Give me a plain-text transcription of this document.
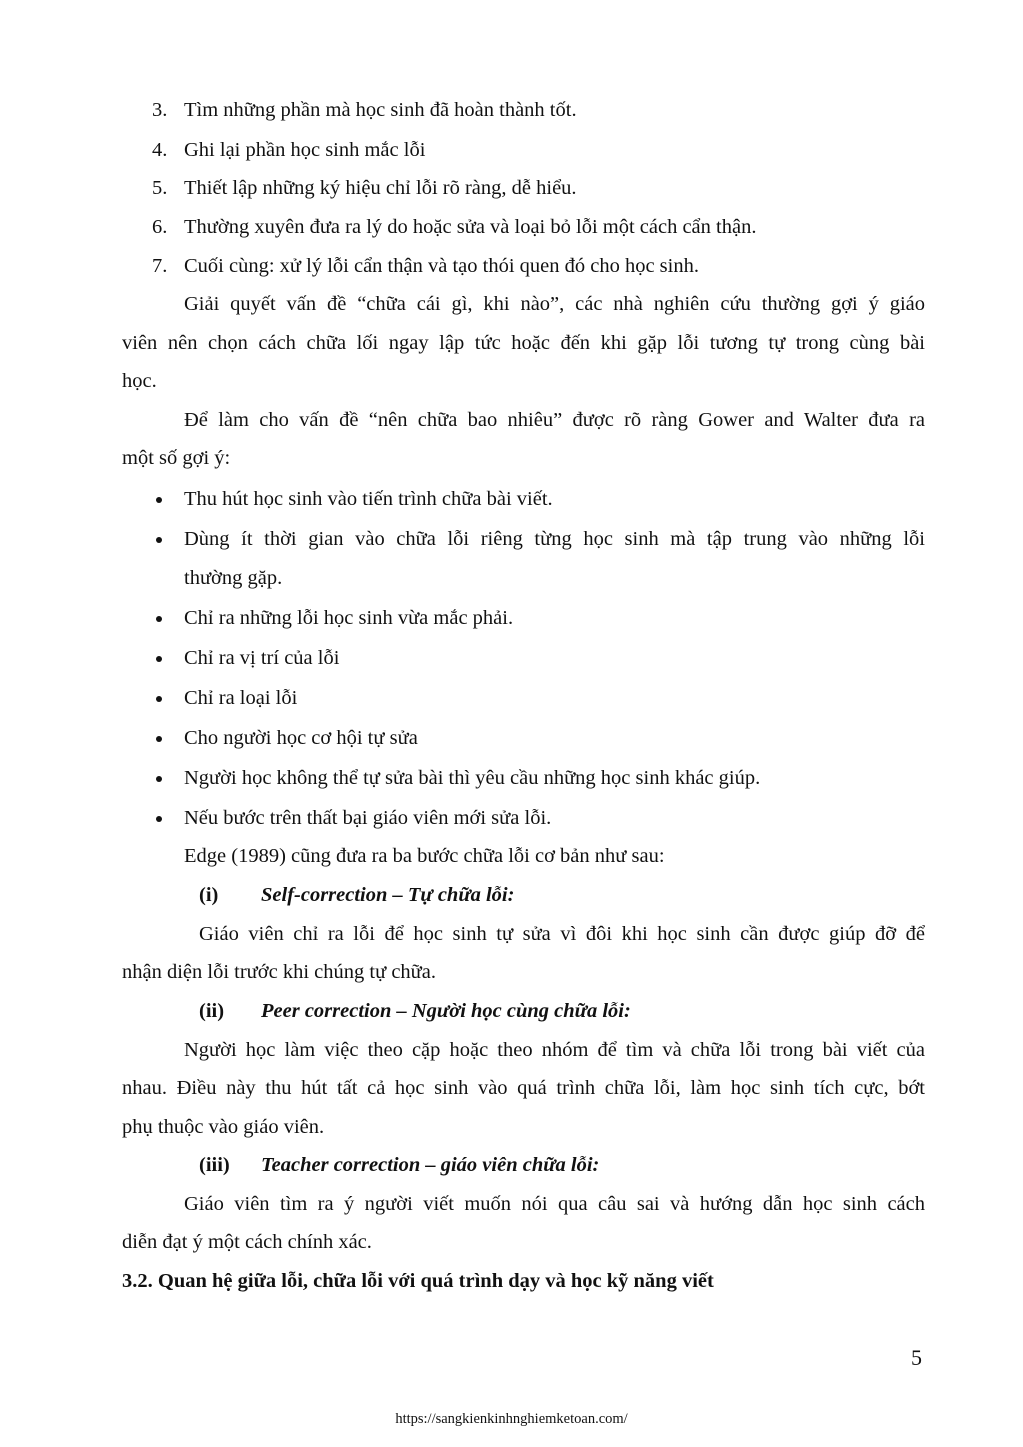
3. Tìm những phần mà học sinh đã hoàn thành tốt.
4. Ghi lại phần học sinh mắc lỗi
5. Thiết lập những ký hiệu chỉ lỗi rõ ràng, dễ hiểu.
6. Thường xuyên đưa ra lý do hoặc sửa và loại bỏ lỗi một cách cẩn thận.
7. Cuối cùng: xử lý lỗi cẩn thận và tạo thói quen đó cho học sinh.
Giải quyết vấn đề “chữa cái gì, khi nào”, các nhà nghiên cứu thường gợi ý giáo
viên nên chọn cách chữa lối ngay lập tức hoặc đến khi gặp lỗi tương tự trong cùng bài
học.
Để làm cho vấn đề “nên chữa bao nhiêu” được rõ ràng Gower and Walter đưa ra
một số gợi ý:
Thu hút học sinh vào tiến trình chữa bài viết.
Dùng ít thời gian vào chữa lỗi riêng từng học sinh mà tập trung vào những lỗi
thường gặp.
Chỉ ra những lỗi học sinh vừa mắc phải.
Chỉ ra vị trí của lỗi
Chỉ ra loại lỗi
Cho người học cơ hội tự sửa
Người học không thể tự sửa bài thì yêu cầu những học sinh khác giúp.
Nếu bước trên thất bại giáo viên mới sửa lỗi.
Edge (1989) cũng đưa ra ba bước chữa lỗi cơ bản như sau:
(i) Self-correction – Tự chữa lỗi:
Giáo viên chỉ ra lỗi để học sinh tự sửa vì đôi khi học sinh cần được giúp đỡ để
nhận diện lỗi trước khi chúng tự chữa.
(ii) Peer correction – Người học cùng chữa lỗi:
Người học làm việc theo cặp hoặc theo nhóm để tìm và chữa lỗi trong bài viết của
nhau. Điều này thu hút tất cả học sinh vào quá trình chữa lỗi, làm học sinh tích cực, bớt
phụ thuộc vào giáo viên.
(iii) Teacher correction – giáo viên chữa lỗi:
Giáo viên tìm ra ý người viết muốn nói qua câu sai và hướng dẫn học sinh cách
diễn đạt ý một cách chính xác.
3.2. Quan hệ giữa lỗi, chữa lỗi với quá trình dạy và học kỹ năng viết
5
https://sangkienkinhnghiemketoan.com/
